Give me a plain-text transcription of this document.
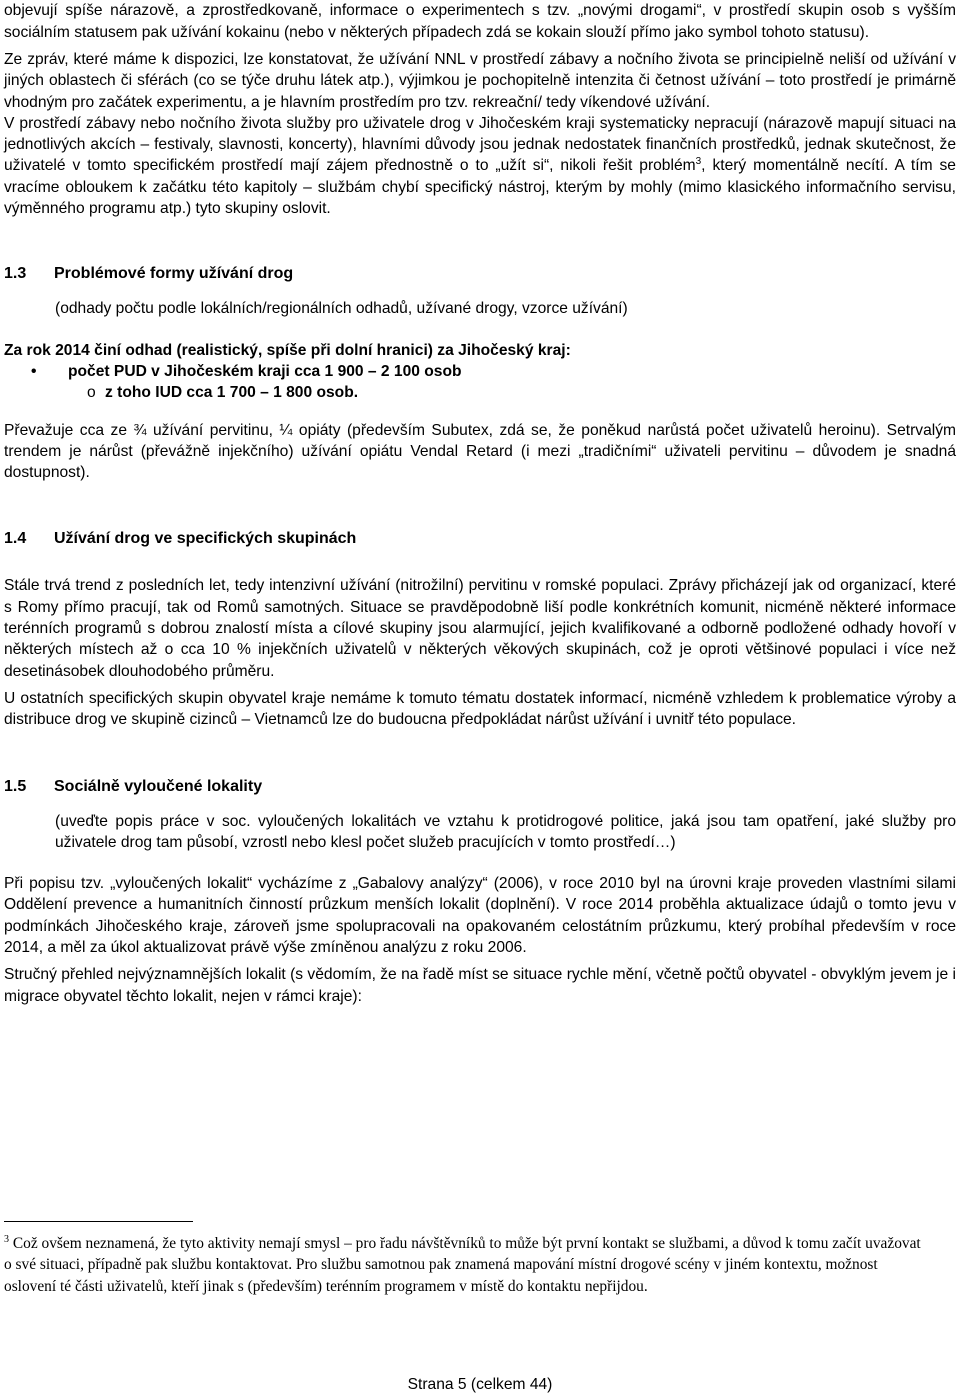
objevují spíše nárazově, a zprostředkovaně, informace o experimentech s tzv. „novými drogami“, v prostředí skupin osob s vyšším sociálním statusem pak užívání kokainu (nebo v některých případech zdá se kokain slouží přímo jako symbol tohoto statusu).

Ze zpráv, které máme k dispozici, lze konstatovat, že užívání NNL v prostředí zábavy a nočního života se principielně neliší od užívání v jiných oblastech či sférách (co se týče druhu látek atp.), výjimkou je pochopitelně intenzita či četnost užívání – toto prostředí je primárně vhodným pro začátek experimentu, a je hlavním prostředím pro tzv. rekreační/ tedy víkendové užívání.

V prostředí zábavy nebo nočního života služby pro uživatele drog v Jihočeském kraji systematicky nepracují (nárazově mapují situaci na jednotlivých akcích – festivaly, slavnosti, koncerty), hlavními důvody jsou jednak nedostatek finančních prostředků, jednak skutečnost, že uživatelé v tomto specifickém prostředí mají zájem přednostně o to „užít si“, nikoli řešit problém$^3$, který momentálně necítí. A tím se vracíme obloukem k začátku této kapitoly – službám chybí specifický nástroj, kterým by mohly (mimo klasického informačního servisu, výměnného programu atp.) tyto skupiny oslovit.

1.3	Problémové formy užívání drog

(odhady počtu podle lokálních/regionálních odhadů, užívané drogy, vzorce užívání)

Za rok 2014 činí odhad (realistický, spíše při dolní hranici) za Jihočeský kraj:

•	počet PUD v Jihočeském kraji cca 1 900 – 2 100 osob
o z toho IUD cca 1 700 – 1 800 osob.

Převažuje cca ze ¾ užívání pervitinu, ¼ opiáty (především Subutex, zdá se, že poněkud narůstá počet uživatelů heroinu). Setrvalým trendem je nárůst (převážně injekčního) užívání opiátu Vendal Retard (i mezi „tradičními“ uživateli pervitinu – důvodem je snadná dostupnost).

1.4	Užívání drog ve specifických skupinách

Stále trvá trend z posledních let, tedy intenzivní užívání (nitrožilní) pervitinu v romské populaci. Zprávy přicházejí jak od organizací, které s Romy přímo pracují, tak od Romů samotných. Situace se pravděpodobně liší podle konkrétních komunit, nicméně některé informace terénních programů s dobrou znalostí místa a cílové skupiny jsou alarmující, jejich kvalifikované a odborně podložené odhady hovoří v některých místech až o cca 10 % injekčních uživatelů v některých věkových skupinách, což je oproti většinové populaci i více než desetinásobek dlouhodobého průměru.

U ostatních specifických skupin obyvatel kraje nemáme k tomuto tématu dostatek informací, nicméně vzhledem k problematice výroby a distribuce drog ve skupině cizinců – Vietnamců lze do budoucna předpokládat nárůst užívání i uvnitř této populace.

1.5	Sociálně vyloučené lokality

(uveďte popis práce v soc. vyloučených lokalitách ve vztahu k protidrogové politice, jaká jsou tam opatření, jaké služby pro uživatele drog tam působí, vzrostl nebo klesl počet služeb pracujících v tomto prostředí…)

Při popisu tzv. „vyloučených lokalit“ vycházíme z „Gabalovy analýzy“ (2006), v roce 2010 byl na úrovni kraje proveden vlastními silami Oddělení prevence a humanitních činností průzkum menších lokalit (doplnění). V roce 2014 proběhla aktualizace údajů o tomto jevu v podmínkách Jihočeského kraje, zároveň jsme spolupracovali na opakovaném celostátním průzkumu, který probíhal především v roce 2014, a měl za úkol aktualizovat právě výše zmíněnou analýzu z roku 2006.

Stručný přehled nejvýznamnějších lokalit (s vědomím, že na řadě míst se situace rychle mění, včetně počtů obyvatel - obvyklým jevem je i migrace obyvatel těchto lokalit, nejen v rámci kraje):

$^3$ Což ovšem neznamená, že tyto aktivity nemají smysl – pro řadu návštěvníků to může být první kontakt se službami, a důvod k tomu začít uvažovat o své situaci, případně pak službu kontaktovat. Pro službu samotnou pak znamená mapování místní drogové scény v jiném kontextu, možnost oslovení té části uživatelů, kteří jinak s (především) terénním programem v místě do kontaktu nepřijdou.
Strana 5 (celkem 44)
